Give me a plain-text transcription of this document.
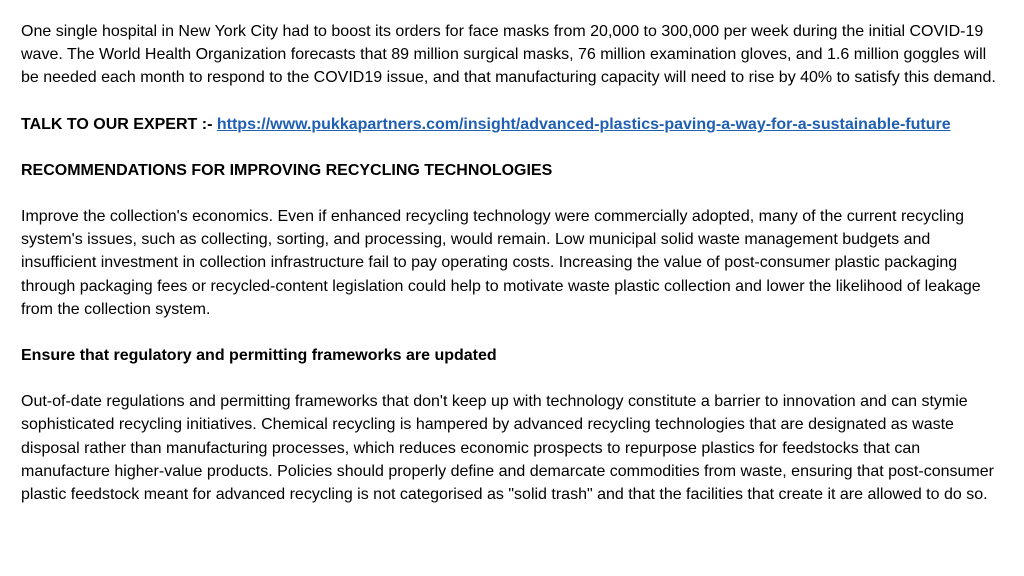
One single hospital in New York City had to boost its orders for face masks from 20,000 to 300,000 per week during the initial COVID-19 wave. The World Health Organization forecasts that 89 million surgical masks, 76 million examination gloves, and 1.6 million goggles will be needed each month to respond to the COVID19 issue, and that manufacturing capacity will need to rise by 40% to satisfy this demand.

TALK TO OUR EXPERT :- https://www.pukkapartners.com/insight/advanced-plastics-paving-a-way-for-a-sustainable-future

RECOMMENDATIONS FOR IMPROVING RECYCLING TECHNOLOGIES

Improve the collection's economics. Even if enhanced recycling technology were commercially adopted, many of the current recycling system's issues, such as collecting, sorting, and processing, would remain. Low municipal solid waste management budgets and insufficient investment in collection infrastructure fail to pay operating costs. Increasing the value of post-consumer plastic packaging through packaging fees or recycled-content legislation could help to motivate waste plastic collection and lower the likelihood of leakage from the collection system.

Ensure that regulatory and permitting frameworks are updated

Out-of-date regulations and permitting frameworks that don't keep up with technology constitute a barrier to innovation and can stymie sophisticated recycling initiatives. Chemical recycling is hampered by advanced recycling technologies that are designated as waste disposal rather than manufacturing processes, which reduces economic prospects to repurpose plastics for feedstocks that can manufacture higher-value products. Policies should properly define and demarcate commodities from waste, ensuring that post-consumer plastic feedstock meant for advanced recycling is not categorised as "solid trash" and that the facilities that create it are allowed to do so.
